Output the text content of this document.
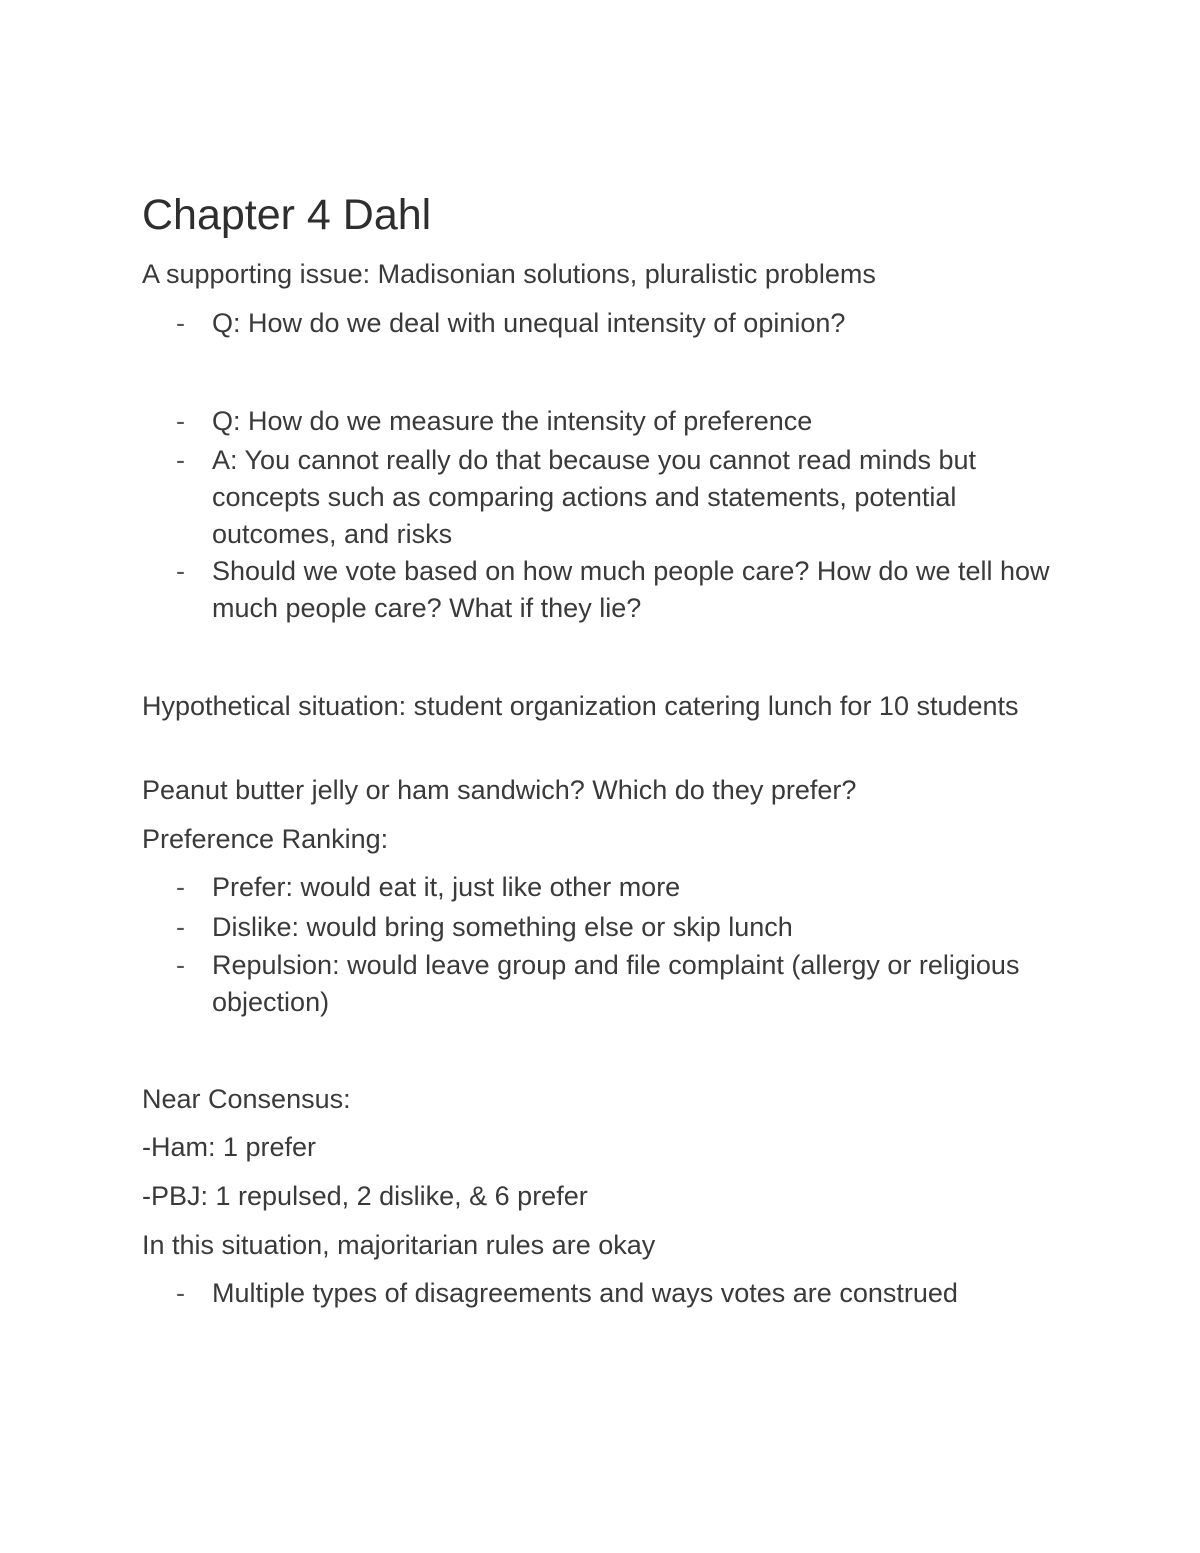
Chapter 4 Dahl
A supporting issue: Madisonian solutions, pluralistic problems
-	Q: How do we deal with unequal intensity of opinion?
-	Q: How do we measure the intensity of preference
-	A: You cannot really do that because you cannot read minds but concepts such as comparing actions and statements, potential outcomes, and risks
-	Should we vote based on how much people care? How do we tell how much people care? What if they lie?
Hypothetical situation: student organization catering lunch for 10 students
Peanut butter jelly or ham sandwich? Which do they prefer?
Preference Ranking:
-	Prefer: would eat it, just like other more
-	Dislike: would bring something else or skip lunch
-	Repulsion: would leave group and file complaint (allergy or religious objection)
Near Consensus:
-Ham: 1 prefer
-PBJ: 1 repulsed, 2 dislike, & 6 prefer
In this situation, majoritarian rules are okay
-	Multiple types of disagreements and ways votes are construed
